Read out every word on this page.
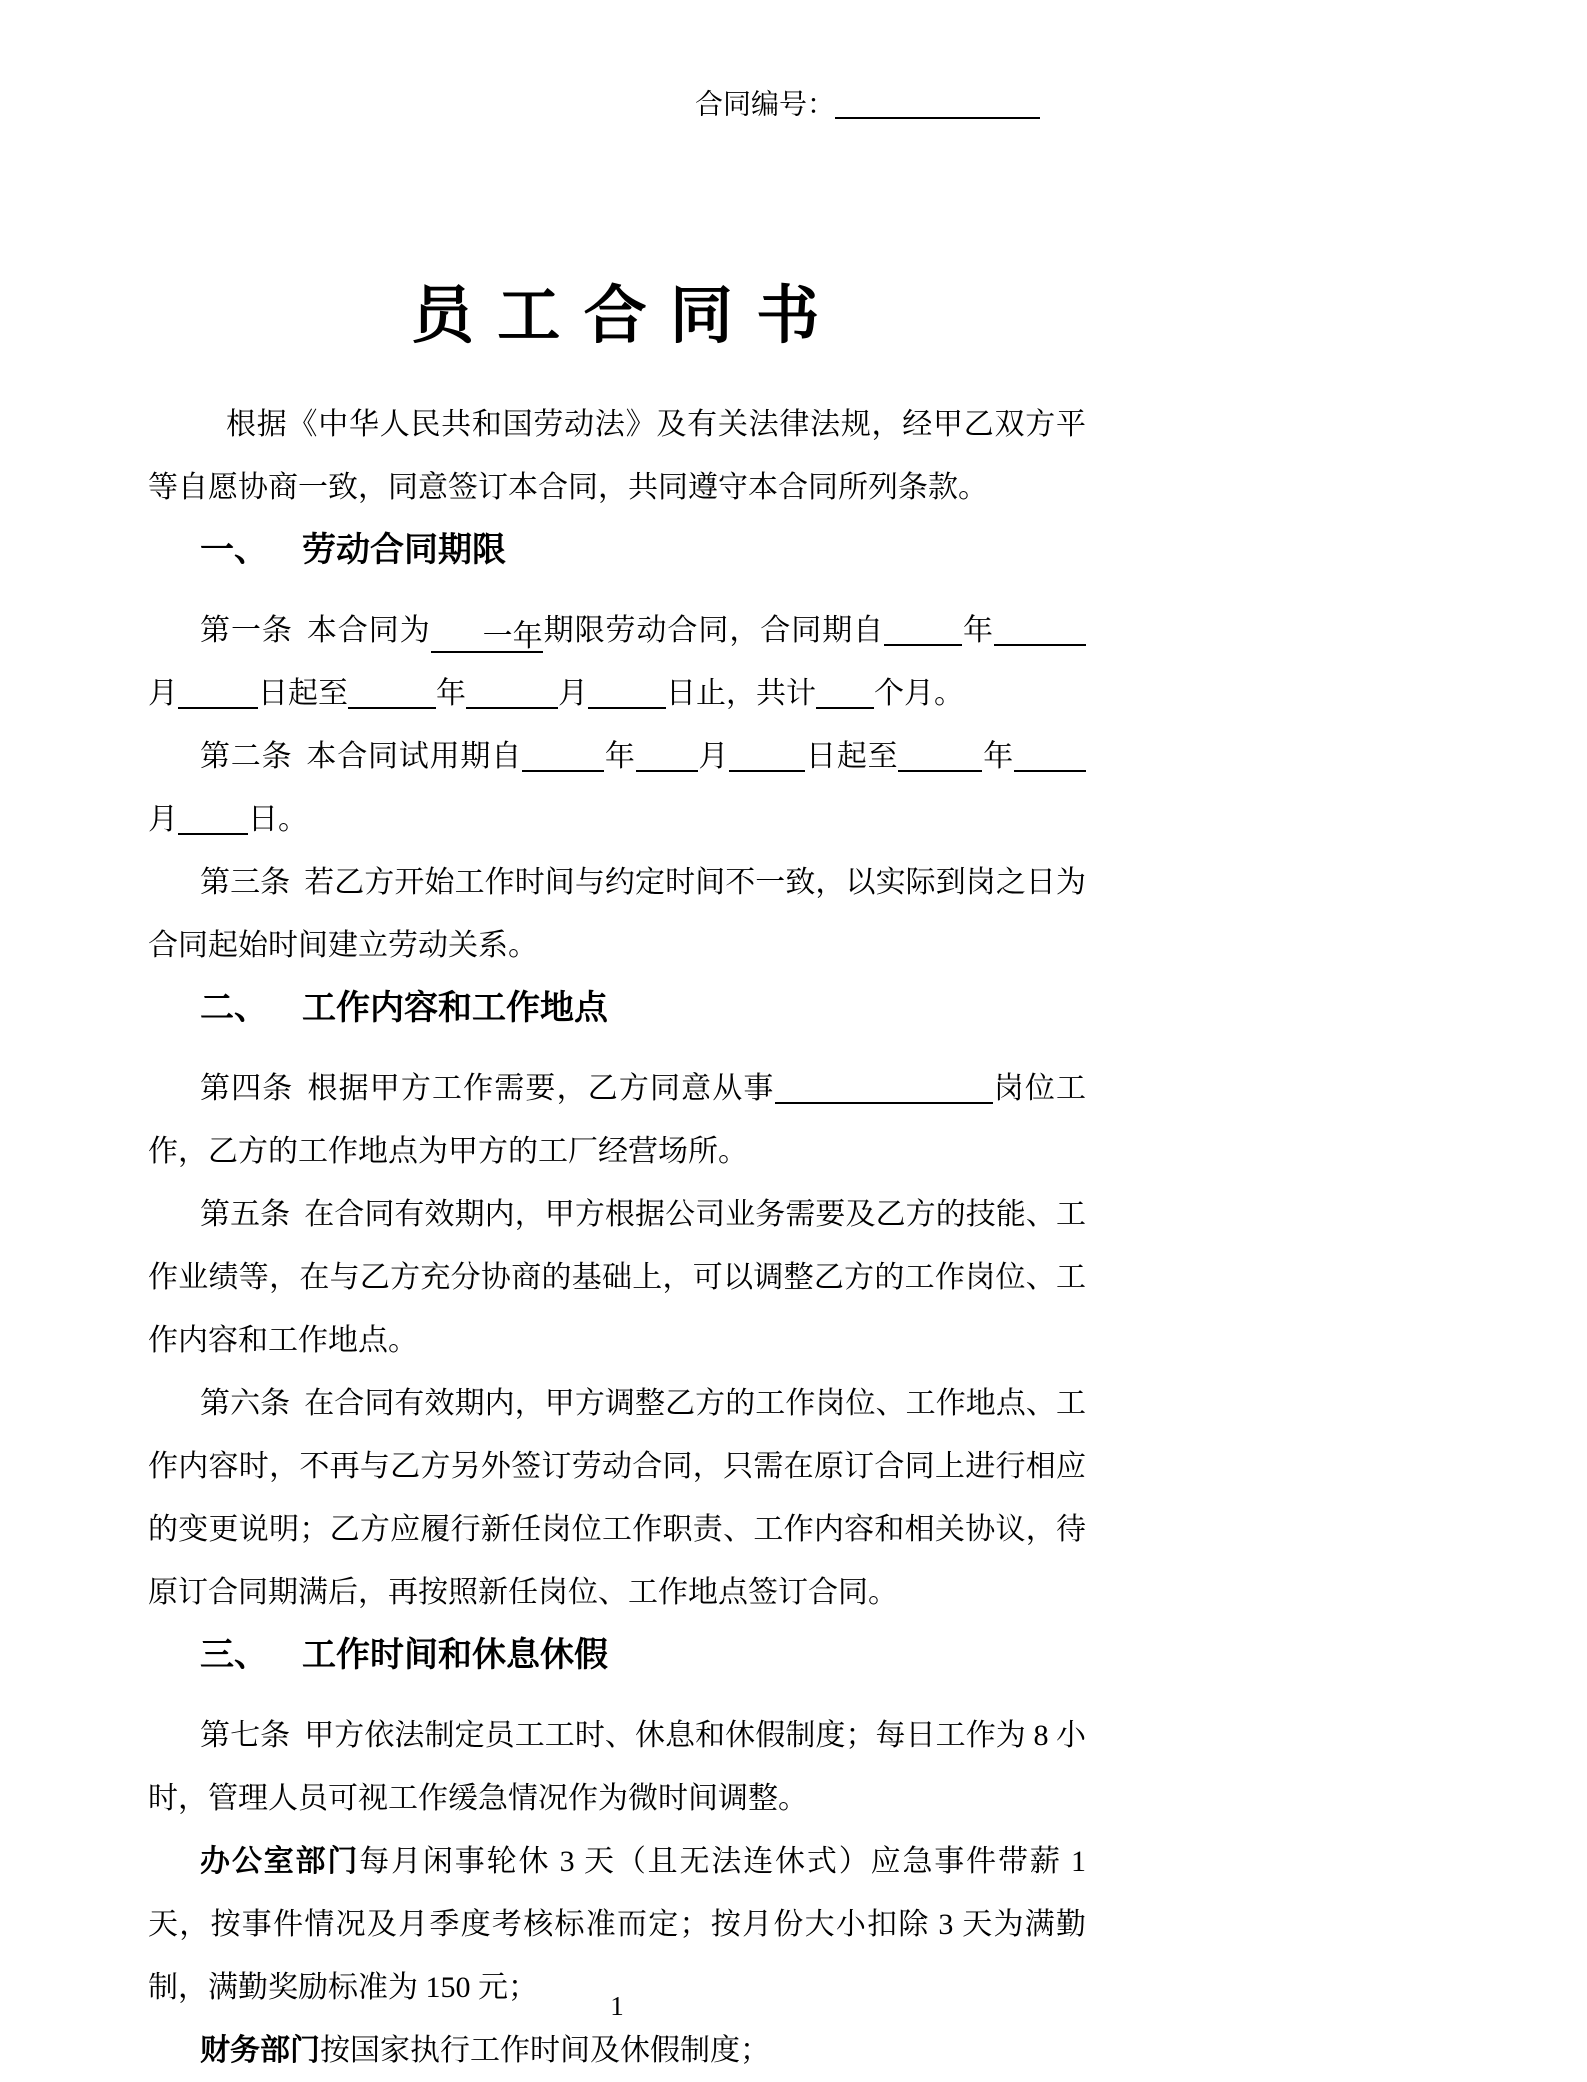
合同编号：
员 工 合 同 书

根据《中华人民共和国劳动法》及有关法律法规，经甲乙双方平等自愿协商一致，同意签订本合同，共同遵守本合同所列条款。

一、 劳动合同期限

第一条 本合同为 一年期限劳动合同，合同期自	年月	日起至	年	月	日止，共计 个月。

第二条 本合同试用期自	年 月	日起至	年月 日。

第三条 若乙方开始工作时间与约定时间不一致，以实际到岗之日为合同起始时间建立劳动关系。

二、 工作内容和工作地点

第四条 根据甲方工作需要，乙方同意从事	岗位工作，乙方的工作地点为甲方的工厂经营场所。

第五条 在合同有效期内，甲方根据公司业务需要及乙方的技能、工作业绩等，在与乙方充分协商的基础上，可以调整乙方的工作岗位、工作内容和工作地点。

第六条 在合同有效期内，甲方调整乙方的工作岗位、工作地点、工作内容时，不再与乙方另外签订劳动合同，只需在原订合同上进行相应的变更说明；乙方应履行新任岗位工作职责、工作内容和相关协议，待原订合同期满后，再按照新任岗位、工作地点签订合同。

三、 工作时间和休息休假

第七条 甲方依法制定员工工时、休息和休假制度；每日工作为 8 小时，管理人员可视工作缓急情况作为微时间调整。

办公室部门每月闲事轮休 3 天（且无法连休式）应急事件带薪 1 天，按事件情况及月季度考核标准而定；按月份大小扣除 3 天为满勤制，满勤奖励标准为 150 元；

财务部门按国家执行工作时间及休假制度；

1
